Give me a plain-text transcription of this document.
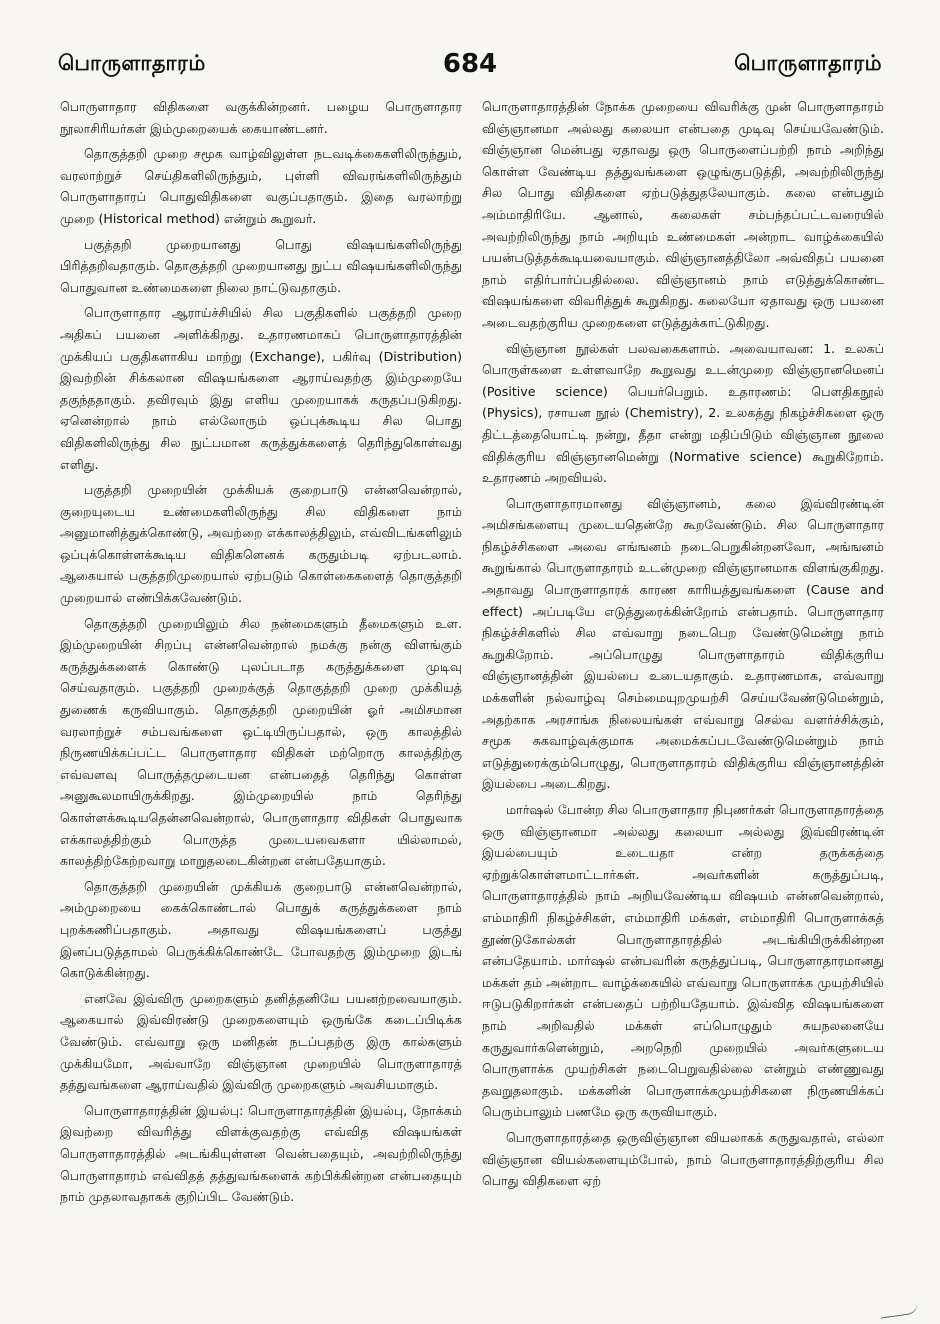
பொருளாதாரம்	684	பொருளாதாரம்

பொருளாதார விதிகளை வகுக்கின்றனர். பழைய பொருளாதார நூலாசிரியர்கள் இம்முறையைக் கையாண்டனர்.

தொகுத்தறி முறை சமூக வாழ்விலுள்ள நடவடிக்கைகளிலிருந்தும், வரலாற்றுச் செய்திகளிலிருந்தும், புள்ளி விவரங்களிலிருந்தும் பொருளாதாரப் பொதுவிதிகளை வகுப்பதாகும். இதை வரலாற்று முறை (Historical method) என்றும் கூறுவர்.

பகுத்தறி முறையானது பொது விஷயங்களிலிருந்து பிரித்தறிவதாகும். தொகுத்தறி முறையானது நுட்ப விஷயங்களிலிருந்து பொதுவான உண்மைகளை நிலை நாட்டுவதாகும்.

பொருளாதார ஆராய்ச்சியில் சில பகுதிகளில் பகுத்தறி முறை அதிகப் பயனை அளிக்கிறது. உதாரணமாகப் பொருளாதாரத்தின் முக்கியப் பகுதிகளாகிய மாற்று (Exchange), பகிர்வு (Distribution) இவற்றின் சிக்கலான விஷயங்களை ஆராய்வதற்கு இம்முறையே தகுந்ததாகும். தவிரவும் இது எளிய முறையாகக் கருதப்படுகிறது. ஏனென்றால் நாம் எல்லோரும் ஒப்புக்கூடிய சில பொது விதிகளிலிருந்து சில நுட்பமான கருத்துக்களைத் தெரிந்துகொள்வது எளிது.

பகுத்தறி முறையின் முக்கியக் குறைபாடு என்னவென்றால், குறையுடைய உண்மைகளிலிருந்து சில விதிகளை நாம் அனுமானித்துக்கொண்டு, அவற்றை எக்காலத்திலும், எவ்விடங்களிலும் ஒப்புக்கொள்ளக்கூடிய விதிகளெனக் கருதும்படி ஏற்படலாம். ஆகையால் பகுத்தறிமுறையால் ஏற்படும் கொள்கைகளைத் தொகுத்தறி முறையால் எண்பிக்கவேண்டும்.

தொகுத்தறி முறையிலும் சில நன்மைகளும் தீமைகளும் உள. இம்முறையின் சிறப்பு என்னவென்றால் நமக்கு நன்கு விளங்கும் கருத்துக்களைக் கொண்டு புலப்படாத கருத்துக்களை முடிவு செய்வதாகும். பகுத்தறி முறைக்குத் தொகுத்தறி முறை முக்கியத் துணைக் கருவியாகும். தொகுத்தறி முறையின் ஓர் அமிசமான வரலாற்றுச் சம்பவங்களை ஒட்டியிருப்பதால், ஒரு காலத்தில் நிருணயிக்கப்பட்ட பொருளாதார விதிகள் மற்றொரு காலத்திற்கு எவ்வளவு பொருத்தமுடையன என்பதைத் தெரிந்து கொள்ள அனுகூலமாயிருக்கிறது. இம்முறையில் நாம் தெரிந்து கொள்ளக்கூடியதென்னவென்றால், பொருளாதார விதிகள் பொதுவாக எக்காலத்திற்கும் பொருத்த முடையவைகளா யில்லாமல், காலத்திற்கேற்றவாறு மாறுதலடைகின்றன என்பதேயாகும்.

தொகுத்தறி முறையின் முக்கியக் குறைபாடு என்னவென்றால், அம்முறையை கைக்கொண்டால் பொதுக் கருத்துக்களை நாம் புறக்கணிப்பதாகும். அதாவது விஷயங்களைப் பகுத்து இனப்படுத்தாமல் பெருக்கிக்கொண்டே போவதற்கு இம்முறை இடங் கொடுக்கின்றது.

எனவே இவ்விரு முறைகளும் தனித்தனியே பயனற்றவையாகும். ஆகையால் இவ்விரண்டு முறைகளையும் ஒருங்கே கடைப்பிடிக்க வேண்டும். எவ்வாறு ஒரு மனிதன் நடப்பதற்கு இரு கால்களும் முக்கியமோ, அவ்வாறே விஞ்ஞான முறையில் பொருளாதாரத் தத்துவங்களை ஆராய்வதில் இவ்விரு முறைகளும் அவசியமாகும்.

பொருளாதாரத்தின் இயல்பு: பொருளாதாரத்தின் இயல்பு, நோக்கம் இவற்றை விவரித்து விளக்குவதற்கு எவ்வித விஷயங்கள் பொருளாதாரத்தில் அடங்கியுள்ளன வென்பதையும், அவற்றிலிருந்து பொருளாதாரம் எவ்விதத் தத்துவங்களைக் கற்பிக்கின்றன என்பதையும் நாம் முதலாவதாகக் குறிப்பிட வேண்டும்.

பொருளாதாரத்தின் நோக்க முறையை விவரிக்கு முன் பொருளாதாரம் விஞ்ஞானமா அல்லது கலையா என்பதை முடிவு செய்யவேண்டும். விஞ்ஞான மென்பது ஏதாவது ஒரு பொருளைப்பற்றி நாம் அறிந்து கொள்ள வேண்டிய தத்துவங்களை ஒழுங்குபடுத்தி, அவற்றிலிருந்து சில பொது விதிகளை ஏற்படுத்துதலேயாகும். கலை என்பதும் அம்மாதிரியே. ஆனால், கலைகள் சம்பந்தப்பட்டவரையில் அவற்றிலிருந்து நாம் அறியும் உண்மைகள் அன்றாட வாழ்க்கையில் பயன்படுத்தக்கூடியவையாகும். விஞ்ஞானத்திலோ அவ்விதப் பயனை நாம் எதிர்பார்ப்பதில்லை. விஞ்ஞானம் நாம் எடுத்துக்கொண்ட விஷயங்களை விவரித்துக் கூறுகிறது. கலையோ ஏதாவது ஒரு பயனை அடைவதற்குரிய முறைகளை எடுத்துக்காட்டுகிறது.

விஞ்ஞான நூல்கள் பலவகைகளாம். அவையாவன: 1. உலகப் பொருள்களை உள்ளவாறே கூறுவது உடன்முறை விஞ்ஞானமெனப் (Positive science) பெயர்பெறும். உதாரணம்: பௌதிகநூல் (Physics), ரசாயன நூல் (Chemistry), 2. உலகத்து நிகழ்ச்சிகளை ஒரு திட்டத்தையொட்டி நன்று, தீதா என்று மதிப்பிடும் விஞ்ஞான நூலை விதிக்குரிய விஞ்ஞானமென்று (Normative science) கூறுகிறோம். உதாரணம் அறவியல்.

பொருளாதாரமானது விஞ்ஞானம், கலை இவ்விரண்டின் அமிசங்களையு முடையதென்றே கூறவேண்டும். சில பொருளாதார நிகழ்ச்சிகளை அவை எங்ஙனம் நடைபெறுகின்றனவோ, அங்ஙனம் கூறுங்கால் பொருளாதாரம் உடன்முறை விஞ்ஞானமாக விளங்குகிறது. அதாவது பொருளாதாரக் காரண காரியத்துவங்களை (Cause and effect) அப்படியே எடுத்துரைக்கின்றோம் என்பதாம். பொருளாதார நிகழ்ச்சிகளில் சில எவ்வாறு நடைபெற வேண்டுமென்று நாம் கூறுகிறோம். அப்பொழுது பொருளாதாரம் விதிக்குரிய விஞ்ஞானத்தின் இயல்பை உடையதாகும். உதாரணமாக, எவ்வாறு மக்களின் நல்வாழ்வு செம்மையுறமுயற்சி செய்யவேண்டுமென்றும், அதற்காக அரசாங்க நிலையங்கள் எவ்வாறு செல்வ வளர்ச்சிக்கும், சமூக சுகவாழ்வுக்குமாக அமைக்கப்படவேண்டுமென்றும் நாம் எடுத்துரைக்கும்பொழுது, பொருளாதாரம் விதிக்குரிய விஞ்ஞானத்தின் இயல்பை அடைகிறது.

மார்ஷல் போன்ற சில பொருளாதார நிபுணர்கள் பொருளாதாரத்தை ஒரு விஞ்ஞானமா அல்லது கலையா அல்லது இவ்விரண்டின் இயல்பையும் உடையதா என்ற தருக்கத்தை ஏற்றுக்கொள்ளமாட்டார்கள். அவர்களின் கருத்துப்படி, பொருளாதாரத்தில் நாம் அறியவேண்டிய விஷயம் என்னவென்றால், எம்மாதிரி நிகழ்ச்சிகள், எம்மாதிரி மக்கள், எம்மாதிரி பொருளாக்கத் தூண்டுகோல்கள் பொருளாதாரத்தில் அடங்கியிருக்கின்றன என்பதேயாம். மார்ஷல் என்பவரின் கருத்துப்படி, பொருளாதாரமானது மக்கள் தம் அன்றாட வாழ்க்கையில் எவ்வாறு பொருளாக்க முயற்சியில் ஈடுபடுகிறார்கள் என்பதைப் பற்றியதேயாம். இவ்வித விஷயங்களை நாம் அறிவதில் மக்கள் எப்பொழுதும் சுயநலனையே கருதுவார்களென்றும், அறநெறி முறையில் அவர்களுடைய பொருளாக்க முயற்சிகள் நடைபெறுவதில்லை என்றும் எண்ணுவது தவறுதலாகும். மக்களின் பொருளாக்கமுயற்சிகளை நிருணயிக்கப் பெரும்பாலும் பணமே ஒரு கருவியாகும்.

பொருளாதாரத்தை ஒருவிஞ்ஞான வியலாகக் கருதுவதால், எல்லா விஞ்ஞான வியல்களையும்போல், நாம் பொருளாதாரத்திற்குரிய சில பொது விதிகளை ஏற்
